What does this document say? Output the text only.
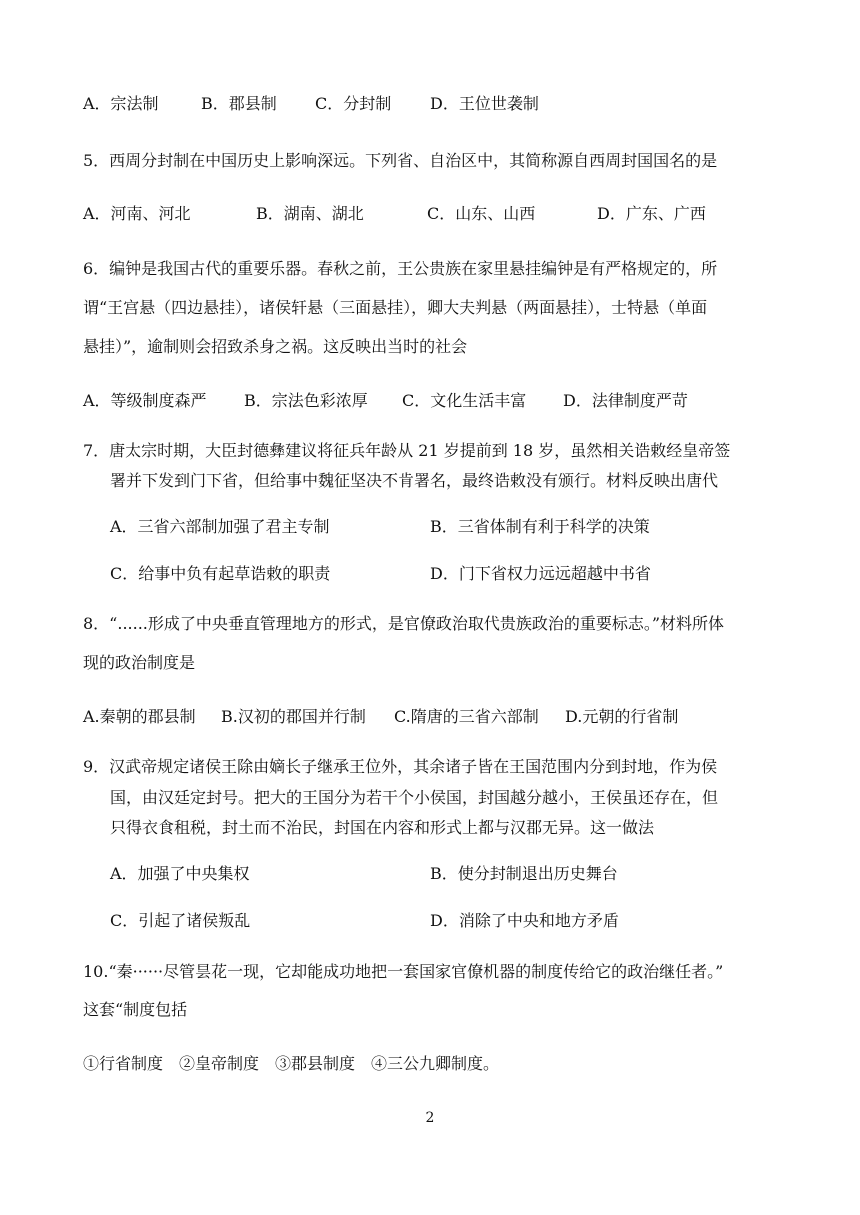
A．宗法制	B．郡县制 C．分封制 D．王位世袭制
5．西周分封制在中国历史上影响深远。下列省、自治区中，其简称源自西周封国国名的是
A．河南、河北	B．湖南、湖北	C．山东、山西	D．广东、广西
6．编钟是我国古代的重要乐器。春秋之前，王公贵族在家里悬挂编钟是有严格规定的，所
谓“王宫悬（四边悬挂），诸侯轩悬（三面悬挂），卿大夫判悬（两面悬挂），士特悬（单面
悬挂）”，逾制则会招致杀身之祸。这反映出当时的社会
A．等级制度森严 B．宗法色彩浓厚 C．文化生活丰富 D．法律制度严苛
7．唐太宗时期，大臣封德彝建议将征兵年龄从 21 岁提前到 18 岁，虽然相关诰敕经皇帝签
署并下发到门下省，但给事中魏征坚决不肯署名，最终诰敕没有颁行。材料反映出唐代
A．三省六部制加强了君主专制	B．三省体制有利于科学的决策
C．给事中负有起草诰敕的职责	D．门下省权力远远超越中书省
8．“......形成了中央垂直管理地方的形式，是官僚政治取代贵族政治的重要标志。”材料所体
现的政治制度是
A.秦朝的郡县制 B.汉初的郡国并行制 C.隋唐的三省六部制 D.元朝的行省制
9．汉武帝规定诸侯王除由嫡长子继承王位外，其余诸子皆在王国范围内分到封地，作为侯
国，由汉廷定封号。把大的王国分为若干个小侯国，封国越分越小，王侯虽还存在，但
只得衣食租税，封土而不治民，封国在内容和形式上都与汉郡无异。这一做法
A．加强了中央集权	B．使分封制退出历史舞台
C．引起了诸侯叛乱	D．消除了中央和地方矛盾
10.“秦······尽管昙花一现，它却能成功地把一套国家官僚机器的制度传给它的政治继任者。”
这套“制度包括
①行省制度　②皇帝制度　③郡县制度　④三公九卿制度。
2
